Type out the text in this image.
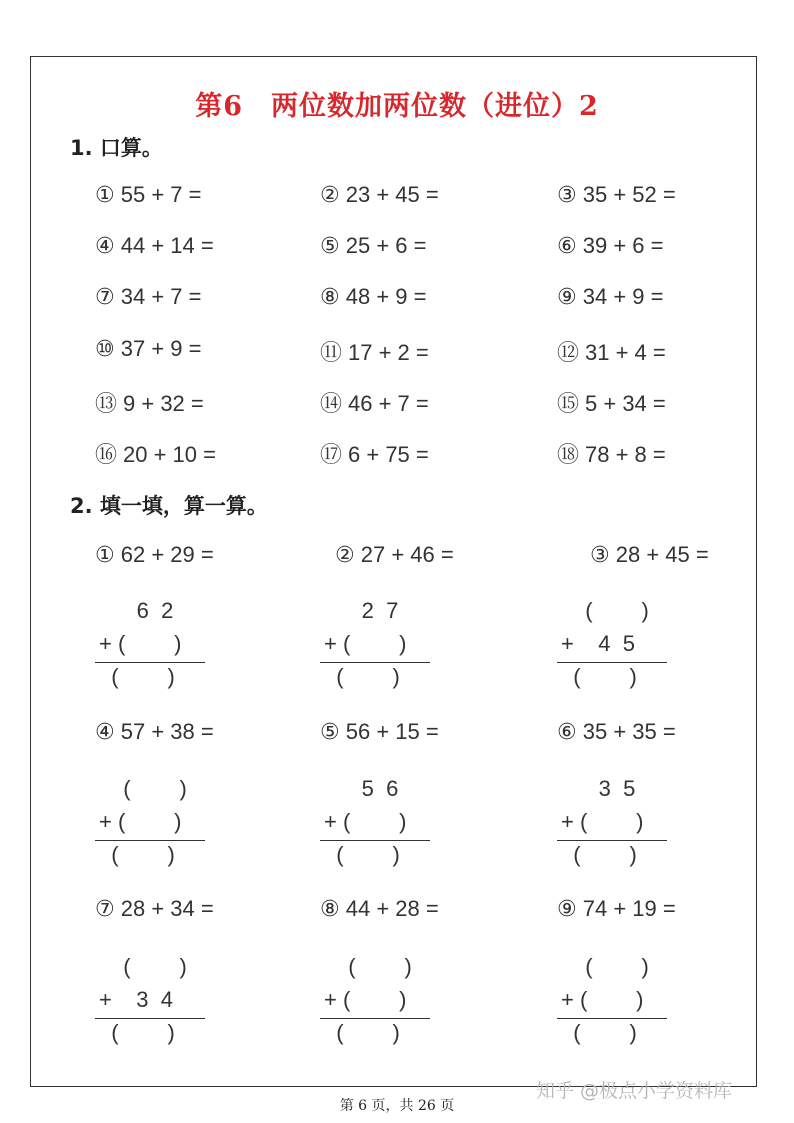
第6　两位数加两位数（进位）2
1. 口算。
① 55 + 7 =	② 23 + 45 =	③ 35 + 52 =
④ 44 + 14 =	⑤ 25 + 6 =	⑥ 39 + 6 =
⑦ 34 + 7 =	⑧ 48 + 9 =	⑨ 34 + 9 =
⑩ 37 + 9 =	⑪ 17 + 2 =	⑫ 31 + 4 =
⑬ 9 + 32 =	⑭ 46 + 7 =	⑮ 5 + 34 =
⑯ 20 + 10 =	⑰ 6 + 75 =	⑱ 78 + 8 =
2. 填一填，算一算。
① 62 + 29 =	② 27 + 46 =	③ 28 + 45 =
6  2
+ (        )
(        )
2  7
+ (        )
(        )
(        )
+    4  5
(        )
④ 57 + 38 =	⑤ 56 + 15 =	⑥ 35 + 35 =
(        )
+ (        )
(        )
5  6
+ (        )
(        )
3  5
+ (        )
(        )
⑦ 28 + 34 =	⑧ 44 + 28 =	⑨ 74 + 19 =
(        )
+    3  4
(        )
(        )
+ (        )
(        )
(        )
+ (        )
(        )
知乎 @极点小学资料库
第 6 页，共 26 页
